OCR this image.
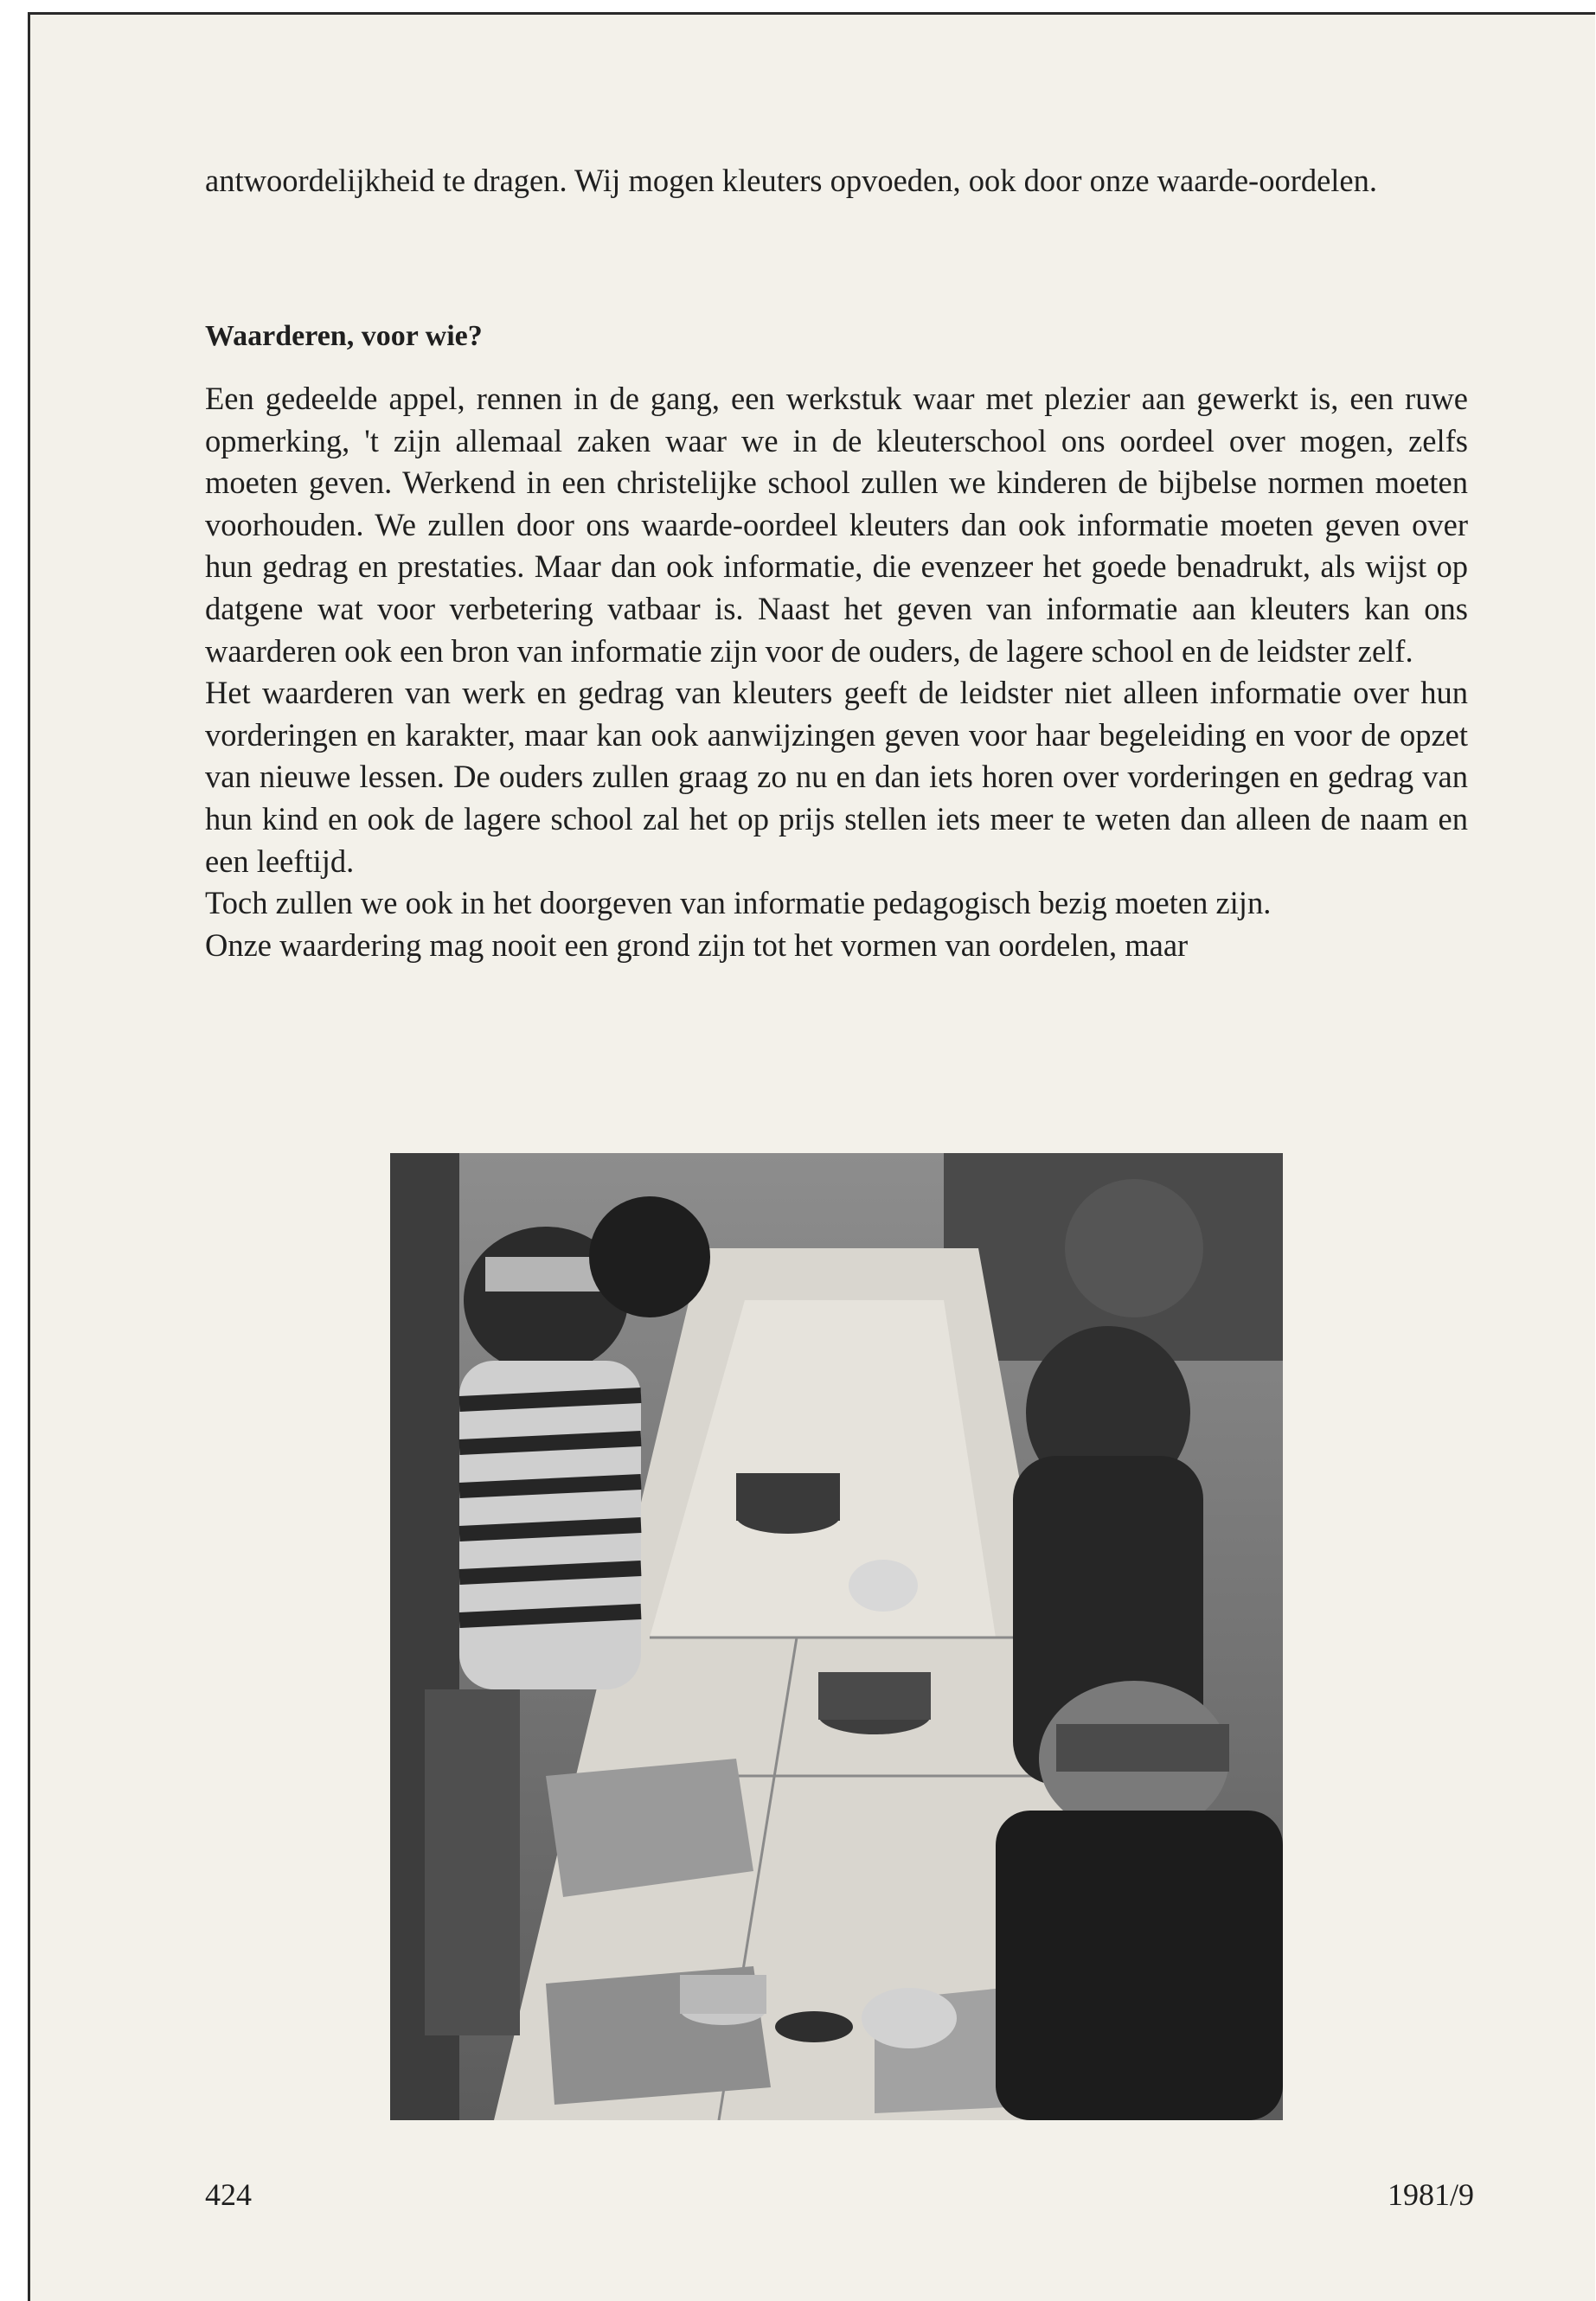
antwoordelijkheid te dragen. Wij mogen kleuters opvoeden, ook door onze waarde-oordelen.

Waarderen, voor wie?

Een gedeelde appel, rennen in de gang, een werkstuk waar met plezier aan gewerkt is, een ruwe opmerking, 't zijn allemaal zaken waar we in de kleuterschool ons oordeel over mogen, zelfs moeten geven. Werkend in een christelijke school zullen we kinderen de bijbelse normen moeten voorhouden. We zullen door ons waarde-oordeel kleuters dan ook informatie moeten geven over hun gedrag en prestaties. Maar dan ook informatie, die evenzeer het goede benadrukt, als wijst op datgene wat voor verbetering vatbaar is. Naast het geven van informatie aan kleuters kan ons waarderen ook een bron van informatie zijn voor de ouders, de lagere school en de leidster zelf.

Het waarderen van werk en gedrag van kleuters geeft de leidster niet alleen informatie over hun vorderingen en karakter, maar kan ook aanwijzingen geven voor haar begeleiding en voor de opzet van nieuwe lessen. De ouders zullen graag zo nu en dan iets horen over vorderingen en gedrag van hun kind en ook de lagere school zal het op prijs stellen iets meer te weten dan alleen de naam en een leeftijd.

Toch zullen we ook in het doorgeven van informatie pedagogisch bezig moeten zijn.

Onze waardering mag nooit een grond zijn tot het vormen van oordelen, maar

424	1981/9
